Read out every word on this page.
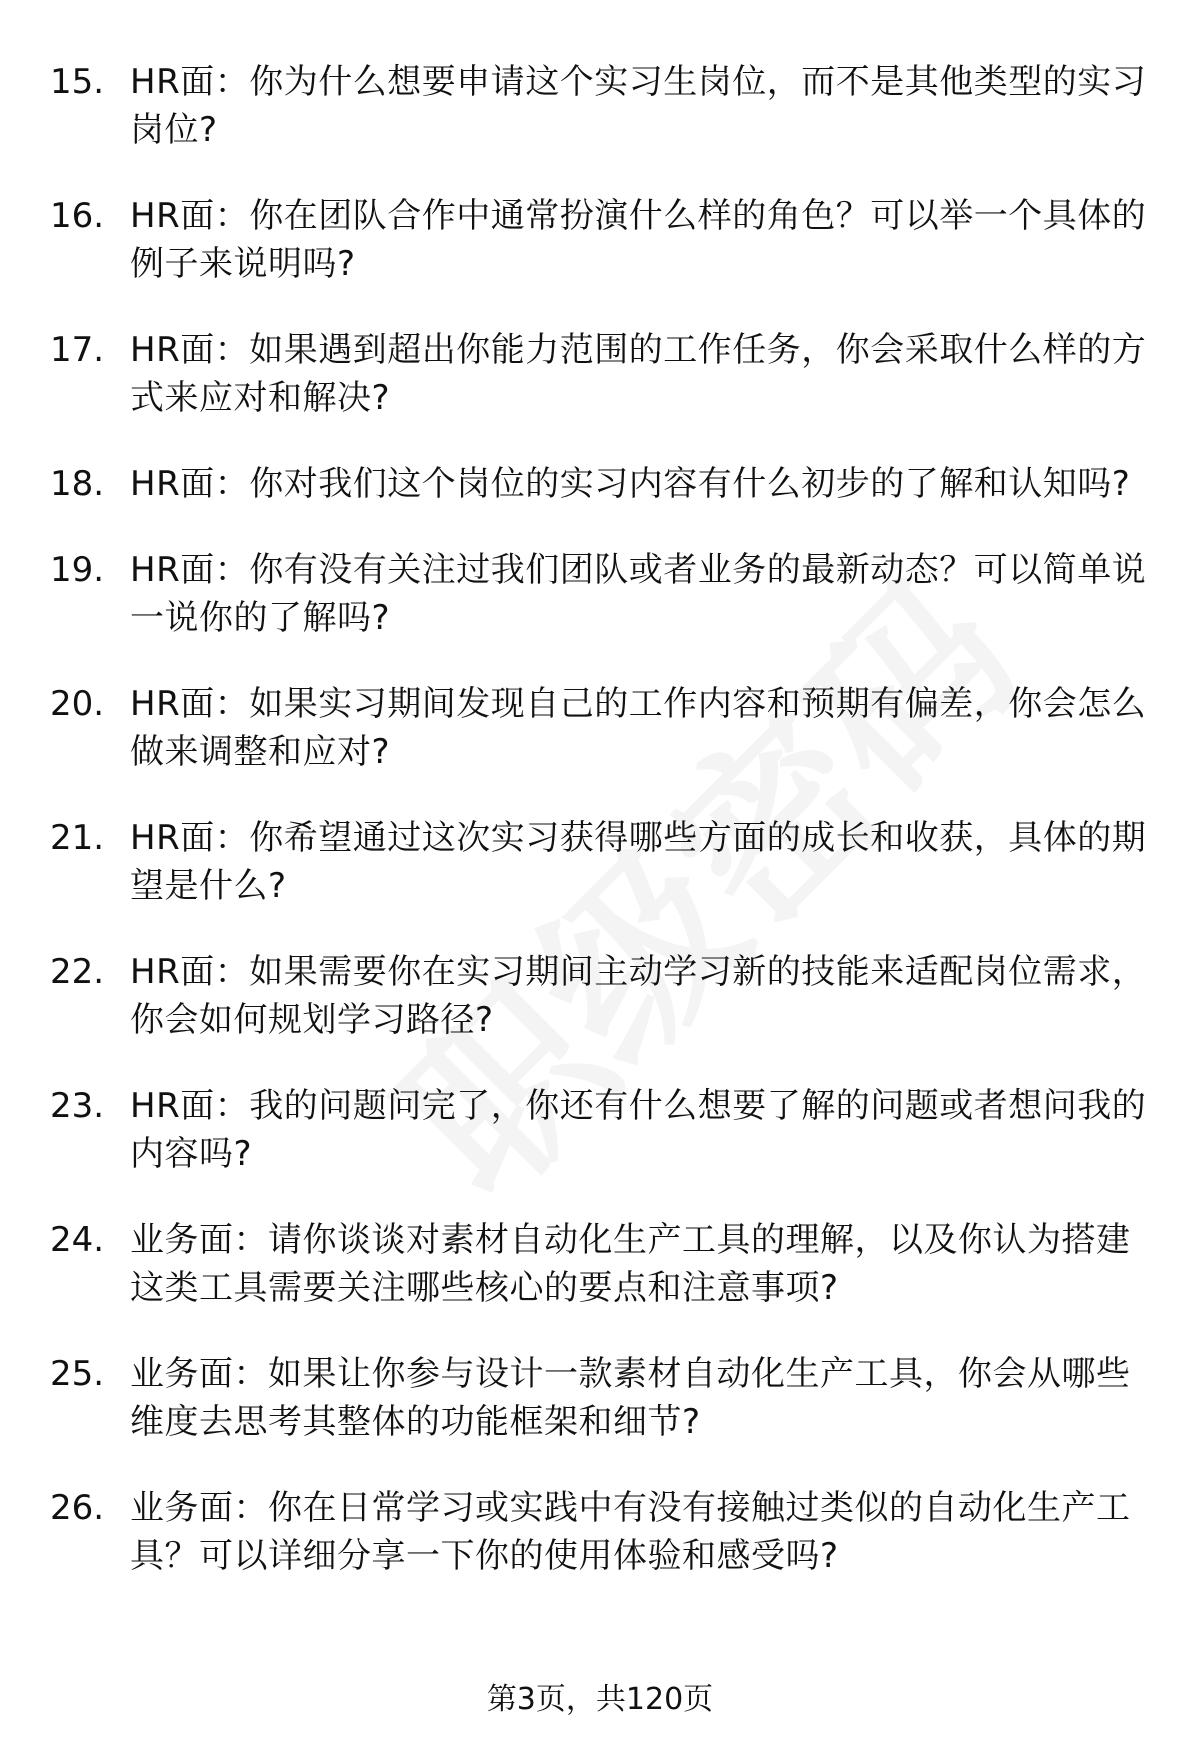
15. HR面：你为什么想要申请这个实习生岗位，而不是其他类型的实习岗位?
16. HR面：你在团队合作中通常扮演什么样的角色？可以举一个具体的例子来说明吗?
17. HR面：如果遇到超出你能力范围的工作任务，你会采取什么样的方式来应对和解决?
18. HR面：你对我们这个岗位的实习内容有什么初步的了解和认知吗?
19. HR面：你有没有关注过我们团队或者业务的最新动态？可以简单说一说你的了解吗?
20. HR面：如果实习期间发现自己的工作内容和预期有偏差，你会怎么做来调整和应对?
21. HR面：你希望通过这次实习获得哪些方面的成长和收获，具体的期望是什么?
22. HR面：如果需要你在实习期间主动学习新的技能来适配岗位需求，你会如何规划学习路径?
23. HR面：我的问题问完了，你还有什么想要了解的问题或者想问我的内容吗?
24. 业务面：请你谈谈对素材自动化生产工具的理解，以及你认为搭建这类工具需要关注哪些核心的要点和注意事项?
25. 业务面：如果让你参与设计一款素材自动化生产工具，你会从哪些维度去思考其整体的功能框架和细节?
26. 业务面：你在日常学习或实践中有没有接触过类似的自动化生产工具？可以详细分享一下你的使用体验和感受吗?
第3页，共120页
